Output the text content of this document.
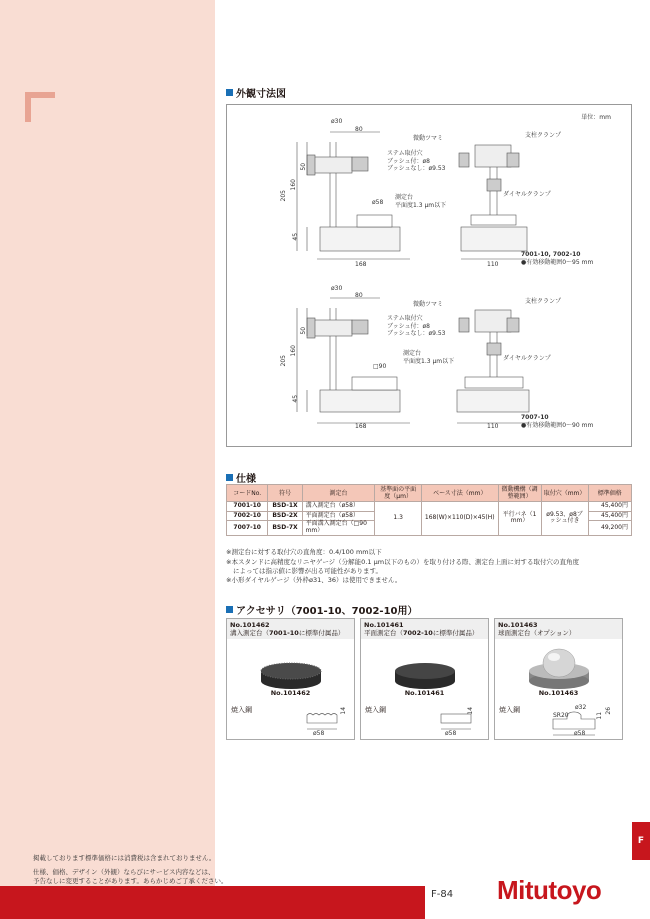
外観寸法図
単位：mm
ø30
80
微動ツマミ	支柱クランプ
ステム取付穴
ブッシュ付：ø8
ブッシュなし：ø9.53
50
160
205
45
ø58
測定台
平面度1.3 µm以下
ダイヤルクランプ
168	110
7001-10, 7002-10
●有効移動範囲0〜95 mm
ø30
80
微動ツマミ	支柱クランプ
ステム取付穴
ブッシュ付：ø8
ブッシュなし：ø9.53
50
160
205
45
□90
測定台
平面度1.3 µm以下	ダイヤルクランプ
168	110
7007-10
●有効移動範囲0〜90 mm
仕様
コードNo.	符号	測定台	基準面の平面度（µm）	ベース寸法（mm）	微動機構（調整範囲）	取付穴（mm）	標準価格
7001-10	BSD-1X	溝入測定台（ø58）	1.3	168(W)×110(D)×45(H)	平行バネ（1 mm）	ø9.53、ø8ブッシュ付き	45,400円
7002-10	BSD-2X	平面測定台（ø58）					45,400円
7007-10	BSD-7X	平面溝入測定台（□90 mm）					49,200円
※測定台に対する取付穴の直角度：0.4/100 mm以下
※本スタンドに高精度なリニヤゲージ（分解能0.1 µm以下のもの）を取り付ける際、測定台上面に対する取付穴の直角度
によっては指示値に影響が出る可能性があります。
※小形ダイヤルゲージ（外枠ø31、36）は使用できません。
アクセサリ（7001-10、7002-10用）
No.101462
溝入測定台（7001-10に標準付属品）
No.101462
焼入鋼	14
ø58
No.101461
平面測定台（7002-10に標準付属品）
No.101461
焼入鋼	14
ø58
No.101463
球面測定台（オプション）
No.101463
焼入鋼	ø32
SR20	11
26
ø58
掲載しております標準価格には消費税は含まれておりません。
仕様、価格、デザイン（外観）ならびにサービス内容などは、
予告なしに変更することがあります。あらかじめご了承ください。
F
F-84 Mitutoyo
